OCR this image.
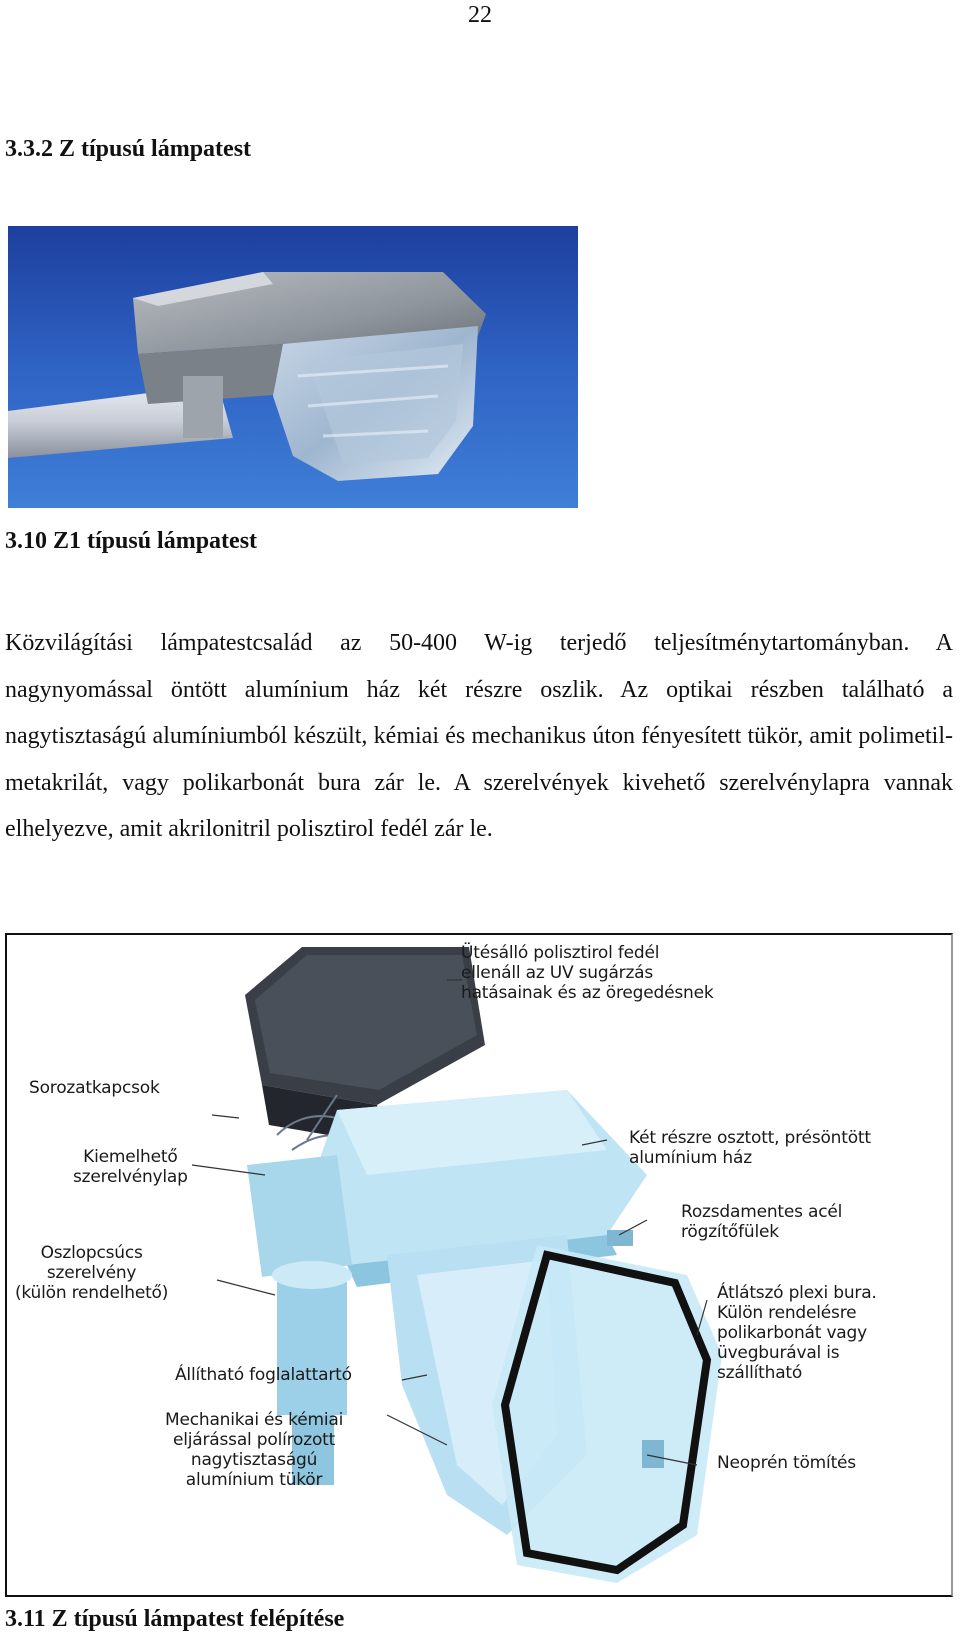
22
3.3.2 Z típusú lámpatest
3.10 Z1 típusú lámpatest
Közvilágítási lámpatestcsalád az 50-400 W-ig terjedő teljesítménytartományban. A nagynyomással öntött alumínium ház két részre oszlik. Az optikai részben található a nagytisztaságú alumíniumból készült, kémiai és mechanikus úton fényesített tükör, amit polimetil-metakrilát, vagy polikarbonát bura zár le. A szerelvények kivehető szerelvénylapra vannak elhelyezve, amit akrilonitril polisztirol fedél zár le.
Ütésálló polisztirol fedél
ellenáll az UV sugárzás
hatásainak és az öregedésnek
Sorozatkapcsok
Kiemelhető
szerelvénylap
Két részre osztott, présöntött
alumínium ház
Rozsdamentes acél
rögzítőfülek
Oszlopcsúcs
szerelvény
(külön rendelhető)	Átlátszó plexi bura.
Külön rendelésre
polikarbonát vagy
üvegburával is
szállítható
Állítható foglalattartó
Mechanikai és kémiai
eljárással polírozott
nagytisztaságú
alumínium tükör
Neoprén tömítés
3.11 Z típusú lámpatest felépítése
